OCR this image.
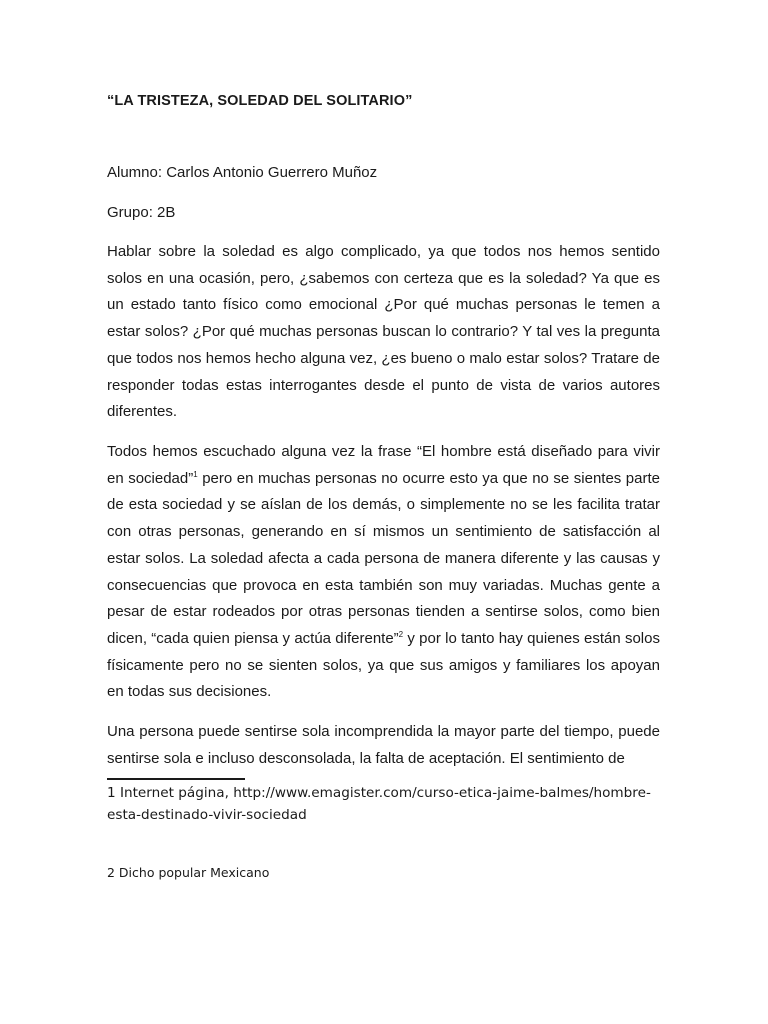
“LA TRISTEZA, SOLEDAD DEL SOLITARIO”
Alumno: Carlos Antonio Guerrero Muñoz
Grupo: 2B
Hablar sobre la soledad es algo complicado, ya que todos nos hemos sentido solos en una ocasión, pero, ¿sabemos con certeza que es la soledad? Ya que es un estado tanto físico como emocional ¿Por qué muchas personas le temen a estar solos? ¿Por qué muchas personas buscan lo contrario? Y tal ves la pregunta que todos nos hemos hecho alguna vez, ¿es bueno o malo estar solos? Tratare de responder todas estas interrogantes desde el punto de vista de varios autores diferentes.
Todos hemos escuchado alguna vez la frase “El hombre está diseñado para vivir en sociedad”$^1$ pero en muchas personas no ocurre esto ya que no se sientes parte de esta sociedad y se aíslan de los demás, o simplemente no se les facilita tratar con otras personas, generando en sí mismos un sentimiento de satisfacción al estar solos. La soledad afecta a cada persona de manera diferente y las causas y consecuencias que provoca en esta también son muy variadas. Muchas gente a pesar de estar rodeados por otras personas tienden a sentirse solos, como bien dicen, “cada quien piensa y actúa diferente”$^2$ y por lo tanto hay quienes están solos físicamente pero no se sienten solos, ya que sus amigos y familiares los apoyan en todas sus decisiones.
Una persona puede sentirse sola incomprendida la mayor parte del tiempo, puede sentirse sola e incluso desconsolada, la falta de aceptación. El sentimiento de
1 Internet página, http://www.emagister.com/curso-etica-jaime-balmes/hombre-esta-destinado-vivir-sociedad
2 Dicho popular Mexicano
